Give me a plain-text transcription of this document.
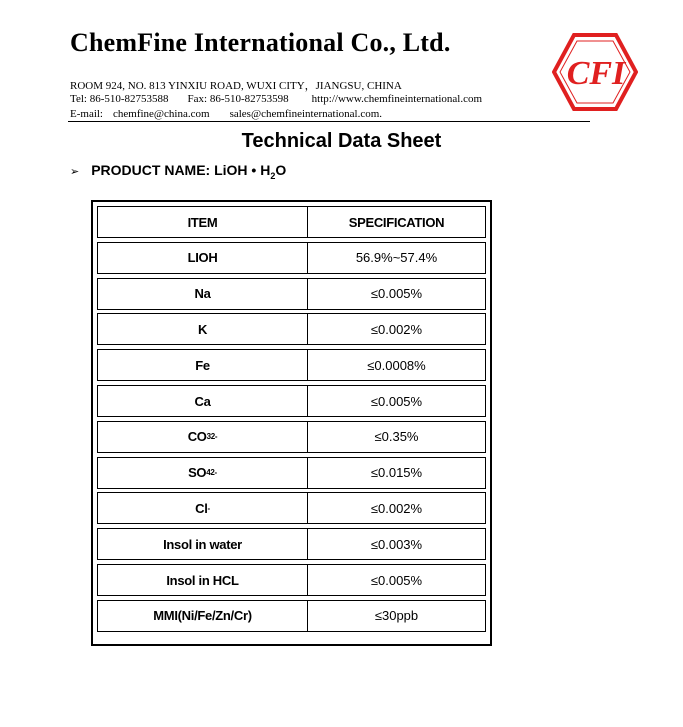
ChemFine International Co., Ltd.
ROOM 924, NO. 813 YINXIU ROAD, WUXI CITY，JIANGSU, CHINA
Tel: 86-510-82753588 Fax: 86-510-82753598 http://www.chemfineinternational.com
E-mail: chemfine@china.com sales@chemfineinternational.com.
CFI
Technical Data Sheet
➢ PRODUCT NAME: LiOH • $H_2O$
ITEM	SPECIFICATION
LIOH	56.9%~57.4%
Na	≤0.005%
K	≤0.002%
Fe	≤0.0008%
Ca	≤0.005%
CO 3 2-	≤0.35%
SO 4 2-	≤0.015%
Cl -	≤0.002%
Insol in water	≤0.003%
Insol in HCL	≤0.005%
MMI(Ni/Fe/Zn/Cr)	≤30ppb
